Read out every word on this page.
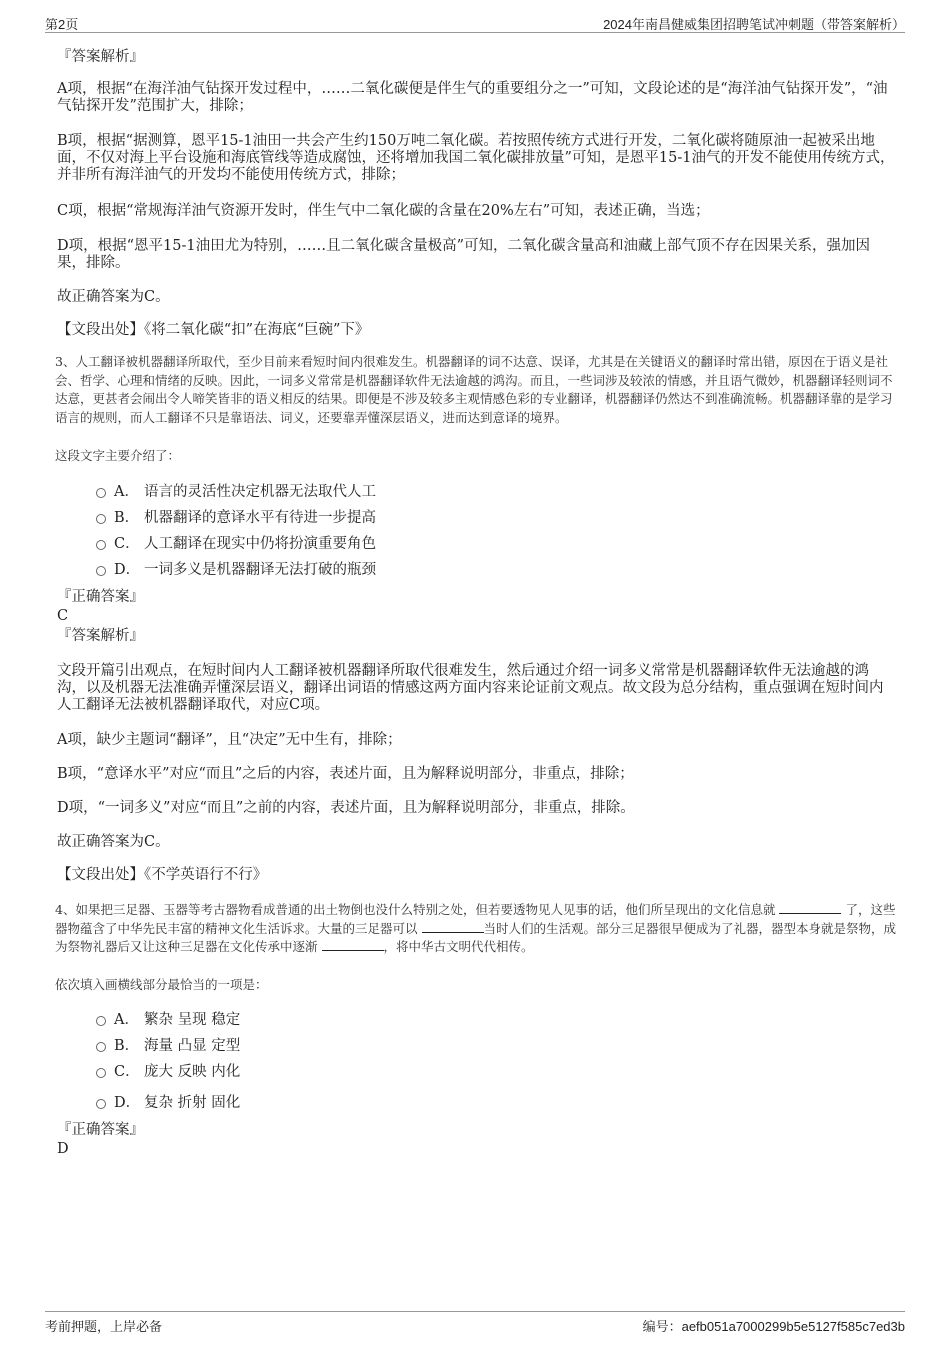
第2页	2024年南昌健威集团招聘笔试冲刺题（带答案解析）
『答案解析』
A项，根据“在海洋油气钻探开发过程中，……二氧化碳便是伴生气的重要组分之一”可知，文段论述的是“海洋油气钻探开发”，“油气钻探开发”范围扩大，排除；
B项，根据“据测算，恩平15-1油田一共会产生约150万吨二氧化碳。若按照传统方式进行开发，二氧化碳将随原油一起被采出地面，不仅对海上平台设施和海底管线等造成腐蚀，还将增加我国二氧化碳排放量”可知，是恩平15-1油气的开发不能使用传统方式，并非所有海洋油气的开发均不能使用传统方式，排除；
C项，根据“常规海洋油气资源开发时，伴生气中二氧化碳的含量在20%左右”可知，表述正确，当选；
D项，根据“恩平15-1油田尤为特别，……且二氧化碳含量极高”可知，二氧化碳含量高和油藏上部气顶不存在因果关系，强加因果，排除。
故正确答案为C。
【文段出处】《将二氧化碳“扣”在海底“巨碗”下》
3、人工翻译被机器翻译所取代，至少目前来看短时间内很难发生。机器翻译的词不达意、误译，尤其是在关键语义的翻译时常出错，原因在于语义是社会、哲学、心理和情绪的反映。因此，一词多义常常是机器翻译软件无法逾越的鸿沟。而且，一些词涉及较浓的情感，并且语气微妙，机器翻译轻则词不达意，更甚者会闹出令人啼笑皆非的语义相反的结果。即便是不涉及较多主观情感色彩的专业翻译，机器翻译仍然达不到准确流畅。机器翻译靠的是学习语言的规则，而人工翻译不只是靠语法、词义，还要靠弄懂深层语义，进而达到意译的境界。
这段文字主要介绍了：
A． 语言的灵活性决定机器无法取代人工
B． 机器翻译的意译水平有待进一步提高
C． 人工翻译在现实中仍将扮演重要角色
D． 一词多义是机器翻译无法打破的瓶颈
『正确答案』
C
『答案解析』
文段开篇引出观点，在短时间内人工翻译被机器翻译所取代很难发生，然后通过介绍一词多义常常是机器翻译软件无法逾越的鸿沟，以及机器无法准确弄懂深层语义，翻译出词语的情感这两方面内容来论证前文观点。故文段为总分结构，重点强调在短时间内人工翻译无法被机器翻译取代，对应C项。
A项，缺少主题词“翻译”，且“决定”无中生有，排除；
B项，“意译水平”对应“而且”之后的内容，表述片面，且为解释说明部分，非重点，排除；
D项，“一词多义”对应“而且”之前的内容，表述片面，且为解释说明部分，非重点，排除。
故正确答案为C。
【文段出处】《不学英语行不行》
4、如果把三足器、玉器等考古器物看成普通的出土物倒也没什么特别之处，但若要透物见人见事的话，他们所呈现出的文化信息就	了，这些器物蕴含了中华先民丰富的精神文化生活诉求。大量的三足器可以	当时人们的生活观。部分三足器很早便成为了礼器，器型本身就是祭物，成为祭物礼器后又让这种三足器在文化传承中逐渐	，将中华古文明代代相传。
依次填入画横线部分最恰当的一项是：
A． 繁杂 呈现 稳定
B． 海量 凸显 定型
C． 庞大 反映 内化
D． 复杂 折射 固化
『正确答案』
D
考前押题，上岸必备	编号：aefb051a7000299b5e5127f585c7ed3b
